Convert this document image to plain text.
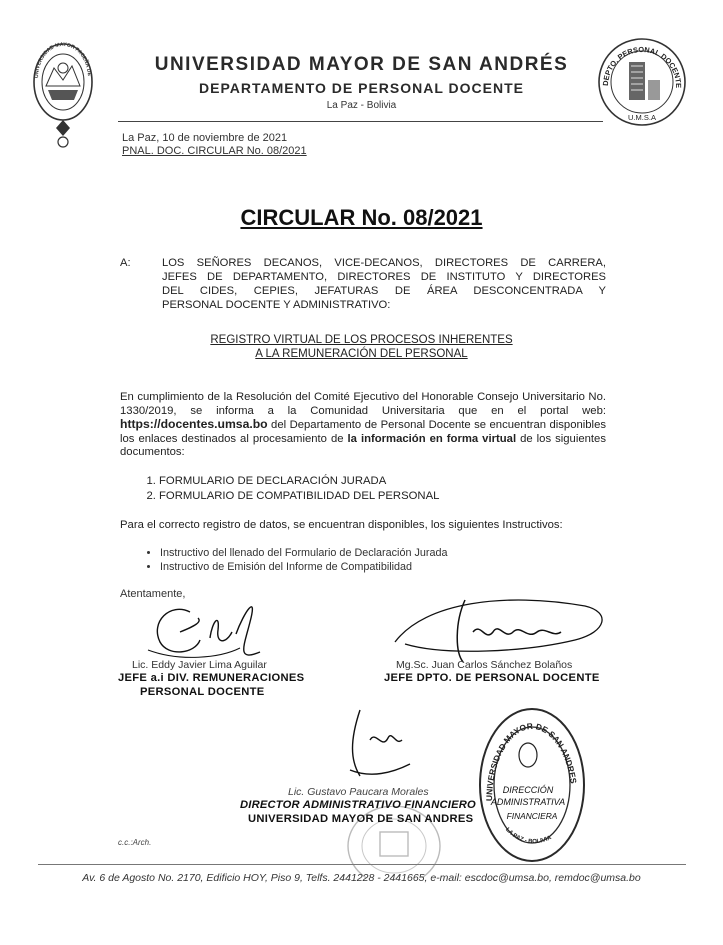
UNIVERSIDAD MAYOR PACEÑA DE
DEPTO. PERSONAL DOCENTE
U.M.S.A
UNIVERSIDAD MAYOR DE SAN ANDRÉS
DEPARTAMENTO DE PERSONAL DOCENTE
La Paz - Bolivia
La Paz, 10 de noviembre de 2021
PNAL. DOC. CIRCULAR No. 08/2021
CIRCULAR No. 08/2021
A:	LOS SEÑORES DECANOS, VICE-DECANOS, DIRECTORES DE CARRERA,
JEFES DE DEPARTAMENTO, DIRECTORES DE INSTITUTO Y DIRECTORES
DEL CIDES, CEPIES, JEFATURAS DE ÁREA DESCONCENTRADA Y
PERSONAL DOCENTE Y ADMINISTRATIVO:
REGISTRO VIRTUAL DE LOS PROCESOS INHERENTES
A LA REMUNERACIÓN DEL PERSONAL
En cumplimiento de la Resolución del Comité Ejecutivo del Honorable Consejo Universitario No. 1330/2019, se informa a la Comunidad Universitaria que en el portal web: https://docentes.umsa.bo del Departamento de Personal Docente se encuentran disponibles los enlaces destinados al procesamiento de la información en forma virtual de los siguientes documentos:
1. FORMULARIO DE DECLARACIÓN JURADA
2. FORMULARIO DE COMPATIBILIDAD DEL PERSONAL
Para el correcto registro de datos, se encuentran disponibles, los siguientes Instructivos:
• Instructivo del llenado del Formulario de Declaración Jurada
• Instructivo de Emisión del Informe de Compatibilidad
Atentamente,
Lic. Eddy Javier Lima Aguilar
JEFE a.i DIV. REMUNERACIONES
PERSONAL DOCENTE
Mg.Sc. Juan Carlos Sánchez Bolaños
JEFE DPTO. DE PERSONAL DOCENTE
Lic. Gustavo Paucara Morales
DIRECTOR ADMINISTRATIVO FINANCIERO
UNIVERSIDAD MAYOR DE SAN ANDRES
UNIVERSIDAD MAYOR DE SAN ANDRES
LA PAZ - BOLIVIA
DIRECCIÓN
ADMINISTRATIVA
FINANCIERA
c.c.:Arch.
Av. 6 de Agosto No. 2170, Edificio HOY, Piso 9, Telfs. 2441228 - 2441665, e-mail: escdoc@umsa.bo, remdoc@umsa.bo
